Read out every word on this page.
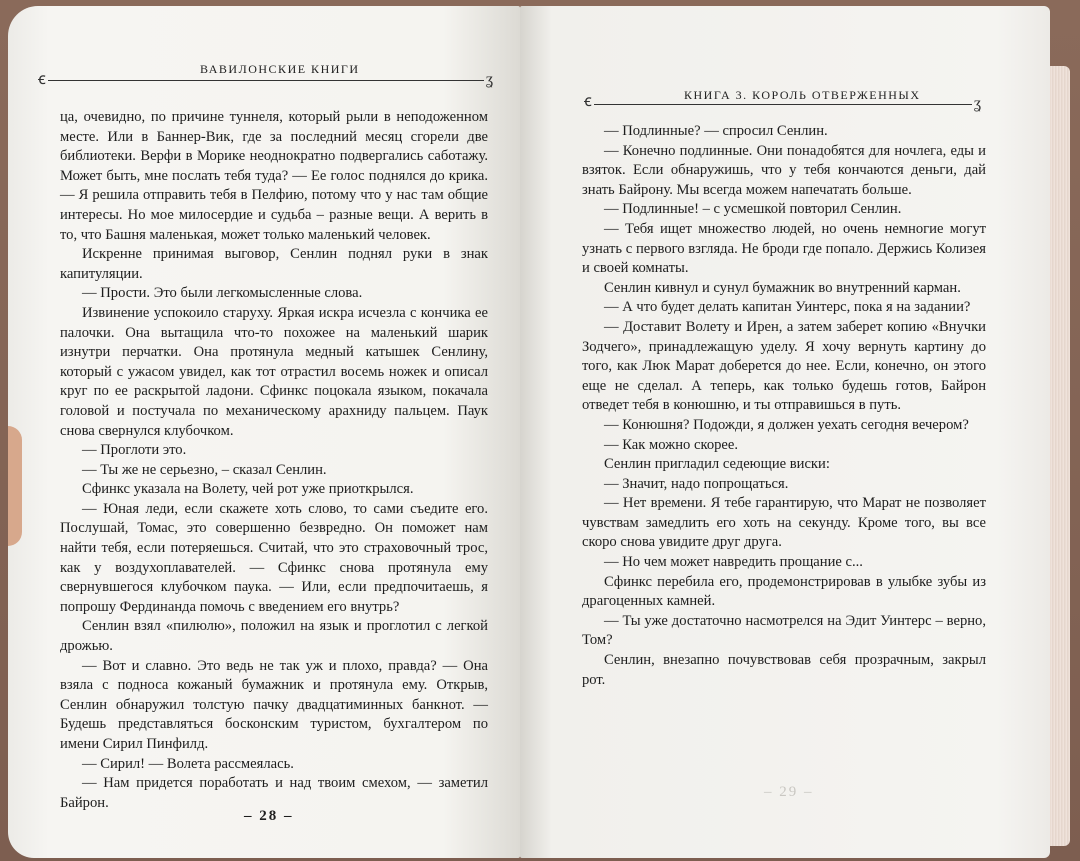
ꞓ	ʓ
ВАВИЛОНСКИЕ КНИГИ

ца, очевидно, по причине туннеля, который рыли в неподоженном месте. Или в Баннер-Вик, где за последний месяц сгорели две библиотеки. Верфи в Морике неоднократно подвергались саботажу. Может быть, мне послать тебя туда? — Ее голос поднялся до крика. — Я решила отправить тебя в Пелфию, потому что у нас там общие интересы. Но мое милосердие и судьба – разные вещи. А верить в то, что Башня маленькая, может только маленький человек.

Искренне принимая выговор, Сенлин поднял руки в знак капитуляции.

— Прости. Это были легкомысленные слова.

Извинение успокоило старуху. Яркая искра исчезла с кончика ее палочки. Она вытащила что-то похожее на маленький шарик изнутри перчатки. Она протянула медный катышек Сенлину, который с ужасом увидел, как тот отрастил восемь ножек и описал круг по ее раскрытой ладони. Сфинкс поцокала языком, покачала головой и постучала по механическому арахниду пальцем. Паук снова свернулся клубочком.

— Проглоти это.

— Ты же не серьезно, – сказал Сенлин.

Сфинкс указала на Волету, чей рот уже приоткрылся.

— Юная леди, если скажете хоть слово, то сами съедите его. Послушай, Томас, это совершенно безвредно. Он поможет нам найти тебя, если потеряешься. Считай, что это страховочный трос, как у воздухоплавателей. — Сфинкс снова протянула ему свернувшегося клубочком паука. — Или, если предпочитаешь, я попрошу Фердинанда помочь с введением его внутрь?

Сенлин взял «пилюлю», положил на язык и проглотил с легкой дрожью.

— Вот и славно. Это ведь не так уж и плохо, правда? — Она взяла с подноса кожаный бумажник и протянула ему. Открыв, Сенлин обнаружил толстую пачку двадцатиминных банкнот. — Будешь представляться босконским туристом, бухгалтером по имени Сирил Пинфилд.

— Сирил! — Волета рассмеялась.

— Нам придется поработать и над твоим смехом, — заметил Байрон.

– 28 –
ꞓ	ʓ
КНИГА 3. КОРОЛЬ ОТВЕРЖЕННЫХ

— Подлинные? — спросил Сенлин.

— Конечно подлинные. Они понадобятся для ночлега, еды и взяток. Если обнаружишь, что у тебя кончаются деньги, дай знать Байрону. Мы всегда можем напечатать больше.

— Подлинные! – с усмешкой повторил Сенлин.

— Тебя ищет множество людей, но очень немногие могут узнать с первого взгляда. Не броди где попало. Держись Колизея и своей комнаты.

Сенлин кивнул и сунул бумажник во внутренний карман.

— А что будет делать капитан Уинтерс, пока я на задании?

— Доставит Волету и Ирен, а затем заберет копию «Внучки Зодчего», принадлежащую уделу. Я хочу вернуть картину до того, как Люк Марат доберется до нее. Если, конечно, он этого еще не сделал. А теперь, как только будешь готов, Байрон отведет тебя в конюшню, и ты отправишься в путь.

— Конюшня? Подожди, я должен уехать сегодня вечером?

— Как можно скорее.

Сенлин пригладил седеющие виски:

— Значит, надо попрощаться.

— Нет времени. Я тебе гарантирую, что Марат не позволяет чувствам замедлить его хоть на секунду. Кроме того, вы все скоро снова увидите друг друга.

— Но чем может навредить прощание с...

Сфинкс перебила его, продемонстрировав в улыбке зубы из драгоценных камней.

— Ты уже достаточно насмотрелся на Эдит Уинтерс – верно, Том?

Сенлин, внезапно почувствовав себя прозрачным, закрыл рот.

– 29 –
